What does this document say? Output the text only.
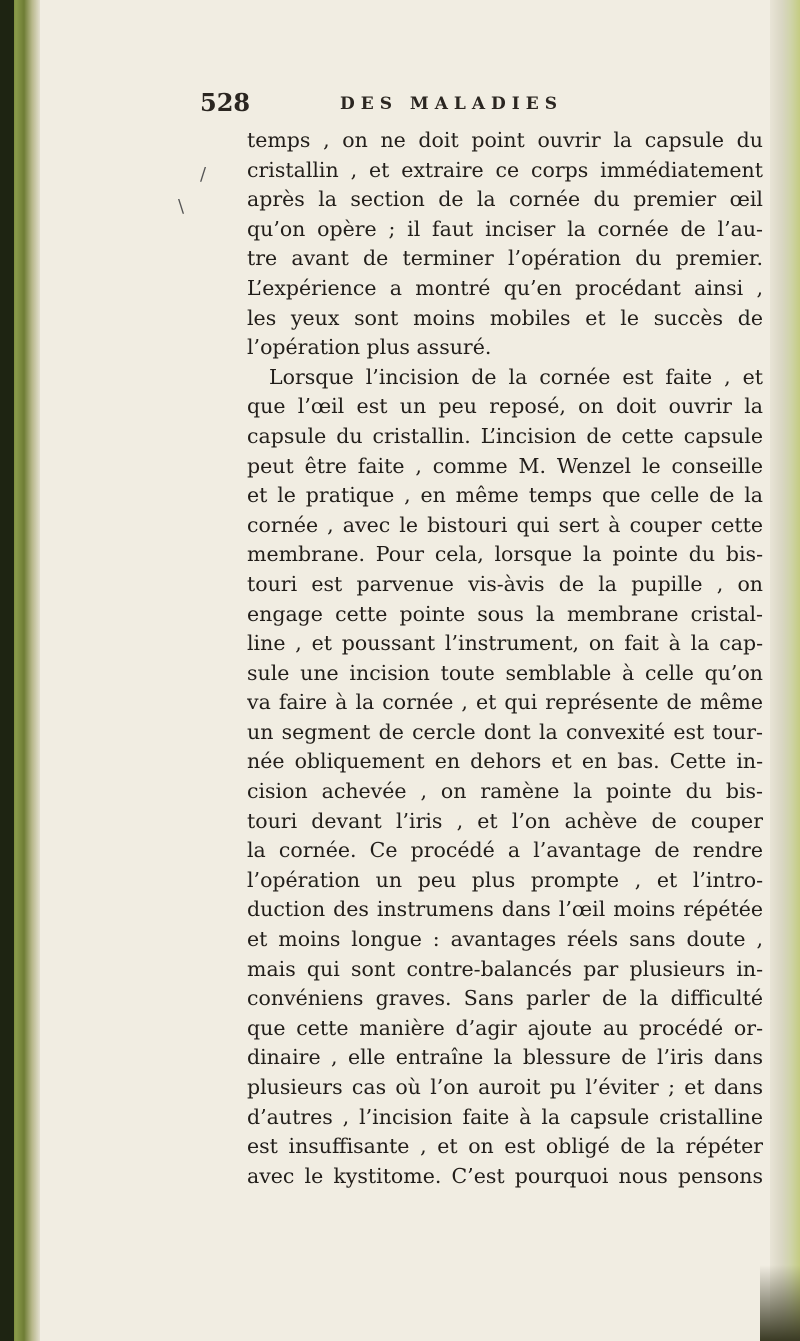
528	DES MALADIES
/
\
temps , on ne doit point ouvrir la capsule du
cristallin , et extraire ce corps immédiatement
après la section de la cornée du premier œil
qu’on opère ; il faut inciser la cornée de l’au-
tre avant de terminer l’opération du premier.
L’expérience a montré qu’en procédant ainsi ,
les yeux sont moins mobiles et le succès de
l’opération plus assuré.
Lorsque l’incision de la cornée est faite , et
que l’œil est un peu reposé, on doit ouvrir la
capsule du cristallin. L’incision de cette capsule
peut être faite , comme M. Wenzel le conseille
et le pratique , en même temps que celle de la
cornée , avec le bistouri qui sert à couper cette
membrane. Pour cela, lorsque la pointe du bis-
touri est parvenue vis-àvis de la pupille , on
engage cette pointe sous la membrane cristal-
line , et poussant l’instrument, on fait à la cap-
sule une incision toute semblable à celle qu’on
va faire à la cornée , et qui représente de même
un segment de cercle dont la convexité est tour-
née obliquement en dehors et en bas. Cette in-
cision achevée , on ramène la pointe du bis-
touri devant l’iris , et l’on achève de couper
la cornée. Ce procédé a l’avantage de rendre
l’opération un peu plus prompte , et l’intro-
duction des instrumens dans l’œil moins répétée
et moins longue : avantages réels sans doute ,
mais qui sont contre-balancés par plusieurs in-
convéniens graves. Sans parler de la difficulté
que cette manière d’agir ajoute au procédé or-
dinaire , elle entraîne la blessure de l’iris dans
plusieurs cas où l’on auroit pu l’éviter ; et dans
d’autres , l’incision faite à la capsule cristalline
est insuffisante , et on est obligé de la répéter
avec le kystitome. C’est pourquoi nous pensons
